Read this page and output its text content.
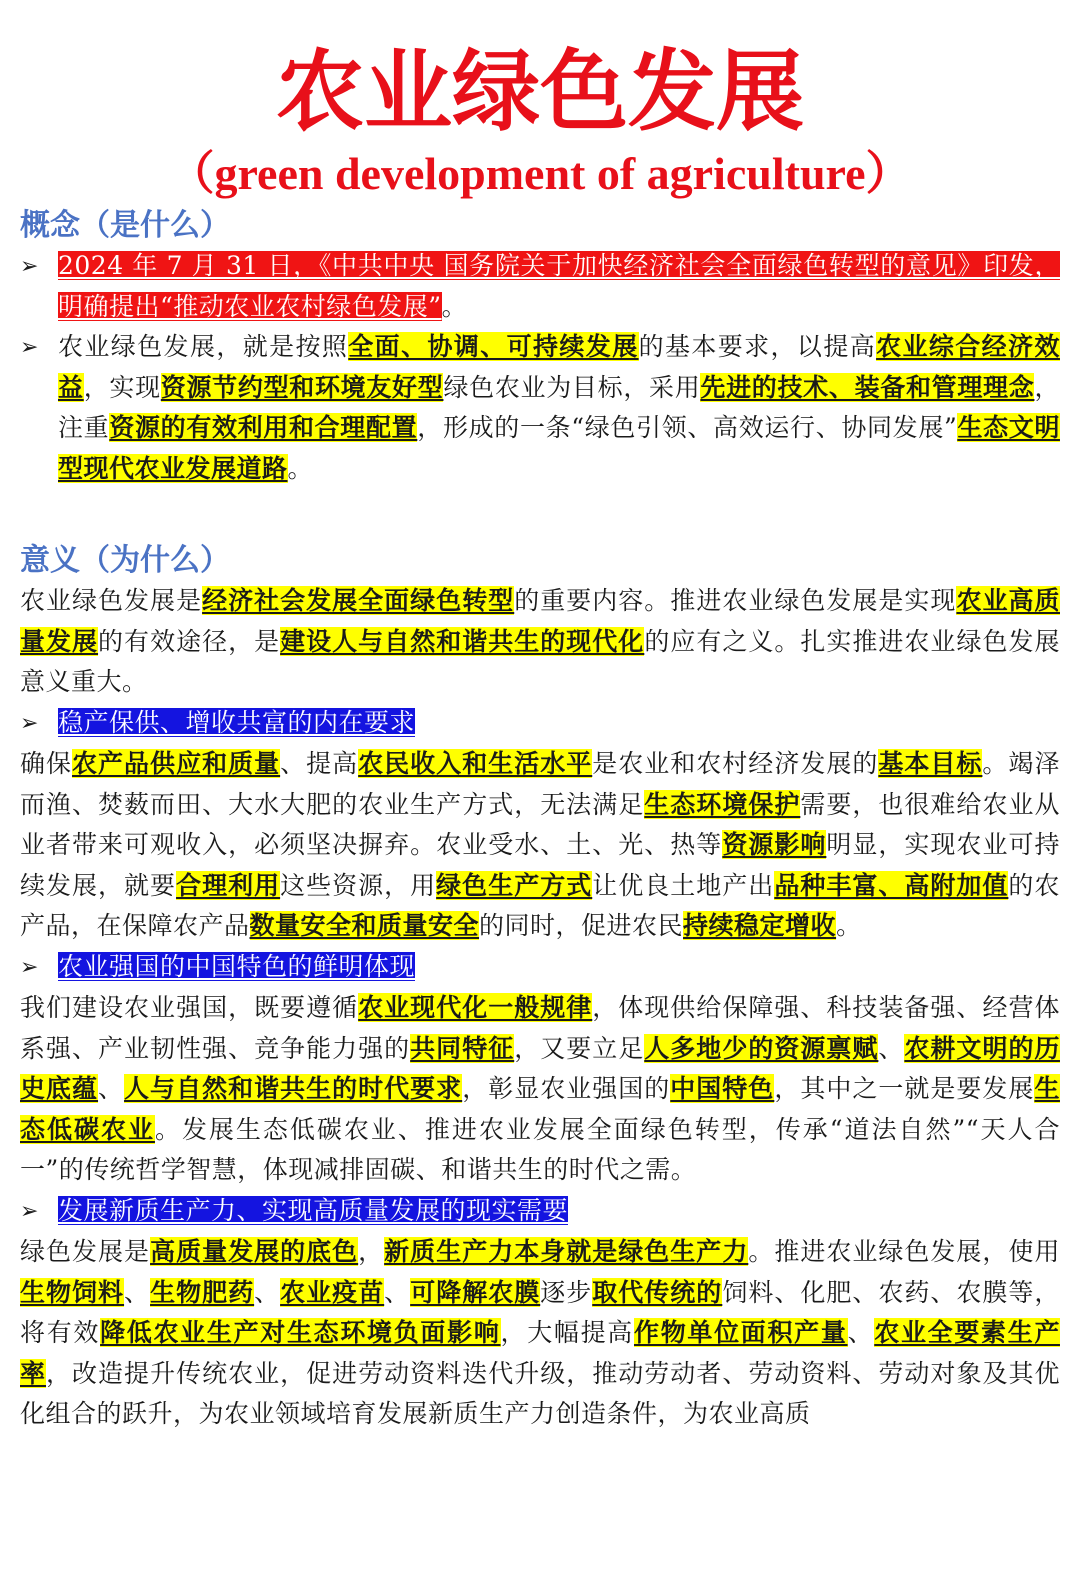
农业绿色发展
（green development of agriculture）
概念（是什么）
➢ 2024 年 7 月 31 日，《中共中央 国务院关于加快经济社会全面绿色转型的意见》印发，明确提出“推动农业农村绿色发展”。
➢ 农业绿色发展，就是按照全面、协调、可持续发展的基本要求，以提高农业综合经济效益，实现资源节约型和环境友好型绿色农业为目标，采用先进的技术、装备和管理理念，注重资源的有效利用和合理配置，形成的一条“绿色引领、高效运行、协同发展”生态文明型现代农业发展道路。
意义（为什么）
农业绿色发展是经济社会发展全面绿色转型的重要内容。推进农业绿色发展是实现农业高质量发展的有效途径，是建设人与自然和谐共生的现代化的应有之义。扎实推进农业绿色发展意义重大。
➢ 稳产保供、增收共富的内在要求
确保农产品供应和质量、提高农民收入和生活水平是农业和农村经济发展的基本目标。竭泽而渔、焚薮而田、大水大肥的农业生产方式，无法满足生态环境保护需要，也很难给农业从业者带来可观收入，必须坚决摒弃。农业受水、土、光、热等资源影响明显，实现农业可持续发展，就要合理利用这些资源，用绿色生产方式让优良土地产出品种丰富、高附加值的农产品，在保障农产品数量安全和质量安全的同时，促进农民持续稳定增收。
➢ 农业强国的中国特色的鲜明体现
我们建设农业强国，既要遵循农业现代化一般规律，体现供给保障强、科技装备强、经营体系强、产业韧性强、竞争能力强的共同特征，又要立足人多地少的资源禀赋、农耕文明的历史底蕴、人与自然和谐共生的时代要求，彰显农业强国的中国特色，其中之一就是要发展生态低碳农业。发展生态低碳农业、推进农业发展全面绿色转型，传承“道法自然”“天人合一”的传统哲学智慧，体现减排固碳、和谐共生的时代之需。
➢ 发展新质生产力、实现高质量发展的现实需要
绿色发展是高质量发展的底色，新质生产力本身就是绿色生产力。推进农业绿色发展，使用生物饲料、生物肥药、农业疫苗、可降解农膜逐步取代传统的饲料、化肥、农药、农膜等，将有效降低农业生产对生态环境负面影响，大幅提高作物单位面积产量、农业全要素生产率，改造提升传统农业，促进劳动资料迭代升级，推动劳动者、劳动资料、劳动对象及其优化组合的跃升，为农业领域培育发展新质生产力创造条件，为农业高质
